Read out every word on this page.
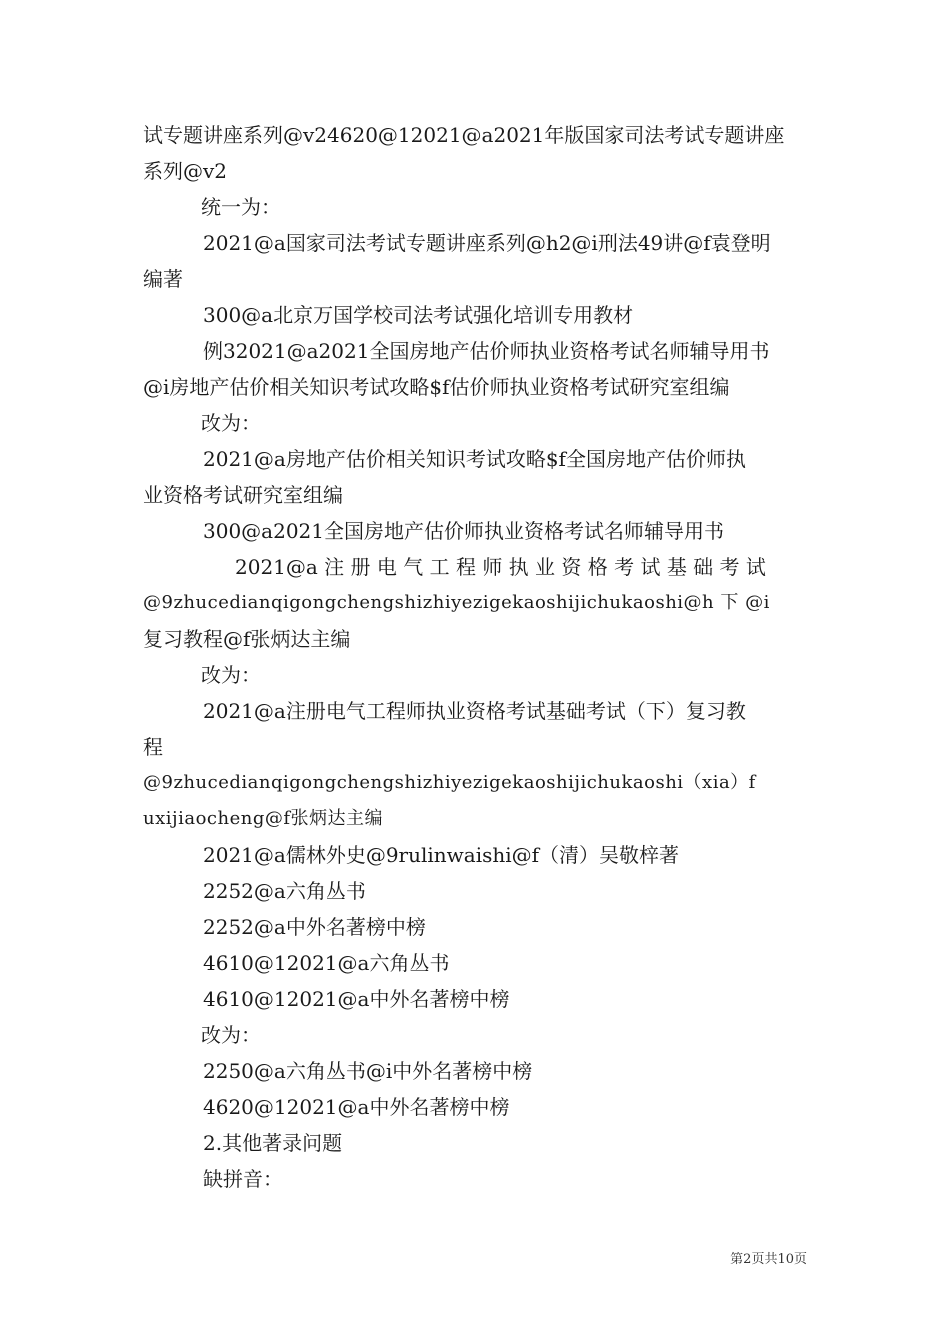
试专题讲座系列@v24620@12021@a2021年版国家司法考试专题讲座
系列@v2
统一为：
2021@a国家司法考试专题讲座系列@h2@i刑法49讲@f袁登明
编著
300@a北京万国学校司法考试强化培训专用教材
例32021@a2021全国房地产估价师执业资格考试名师辅导用书
@i房地产估价相关知识考试攻略$f估价师执业资格考试研究室组编
改为：
2021@a房地产估价相关知识考试攻略$f全国房地产估价师执
业资格考试研究室组编
300@a2021全国房地产估价师执业资格考试名师辅导用书
2021@a 注 册 电 气 工 程 师 执 业 资 格 考 试 基 础 考 试
@9zhucedianqigongchengshizhiyezigekaoshijichukaoshi@h 下 @i
复习教程@f张炳达主编
改为：
2021@a注册电气工程师执业资格考试基础考试（下）复习教
程
@9zhucedianqigongchengshizhiyezigekaoshijichukaoshi（xia）f
uxijiaocheng@f张炳达主编
2021@a儒林外史@9rulinwaishi@f（清）吴敬梓著
2252@a六角丛书
2252@a中外名著榜中榜
4610@12021@a六角丛书
4610@12021@a中外名著榜中榜
改为：
2250@a六角丛书@i中外名著榜中榜
4620@12021@a中外名著榜中榜
2.其他著录问题
缺拼音：
第2页共10页
